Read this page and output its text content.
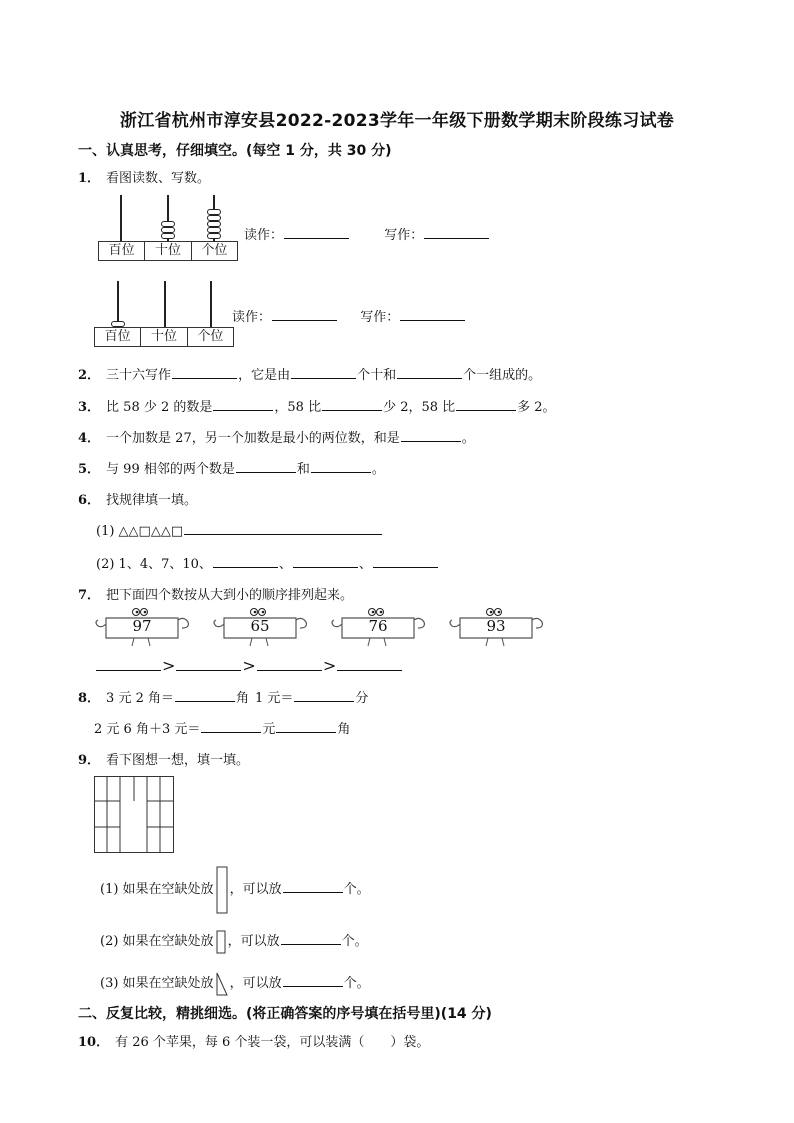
浙江省杭州市淳安县2022-2023学年一年级下册数学期末阶段练习试卷
一、认真思考，仔细填空。(每空 1 分，共 30 分)
1． 看图读数、写数。
百位	十位	个位
读作：	写作：
百位	十位	个位
读作：	写作：
2． 三十六写作	，它是由	个十和	个一组成的。
3． 比 58 少 2 的数是	，58 比	少 2，58 比	多 2。
4． 一个加数是 27，另一个加数是最小的两位数，和是	。
5． 与 99 相邻的两个数是	和	。
6． 找规律填一填。
(1) △△□△△□
(2) 1、4、7、10、	、	、
7． 把下面四个数按从大到小的顺序排列起来。
97	65	76	93
>	>	>
8． 3 元 2 角＝	角 1 元＝	分
2 元 6 角＋3 元＝	元	角
9． 看下图想一想，填一填。
(1) 如果在空缺处放 ，可以放	个。
(2) 如果在空缺处放 ，可以放	个。
(3) 如果在空缺处放 ，可以放	个。
二、反复比较，精挑细选。(将正确答案的序号填在括号里)(14 分)
10． 有 26 个苹果，每 6 个装一袋，可以装满（　　）袋。
